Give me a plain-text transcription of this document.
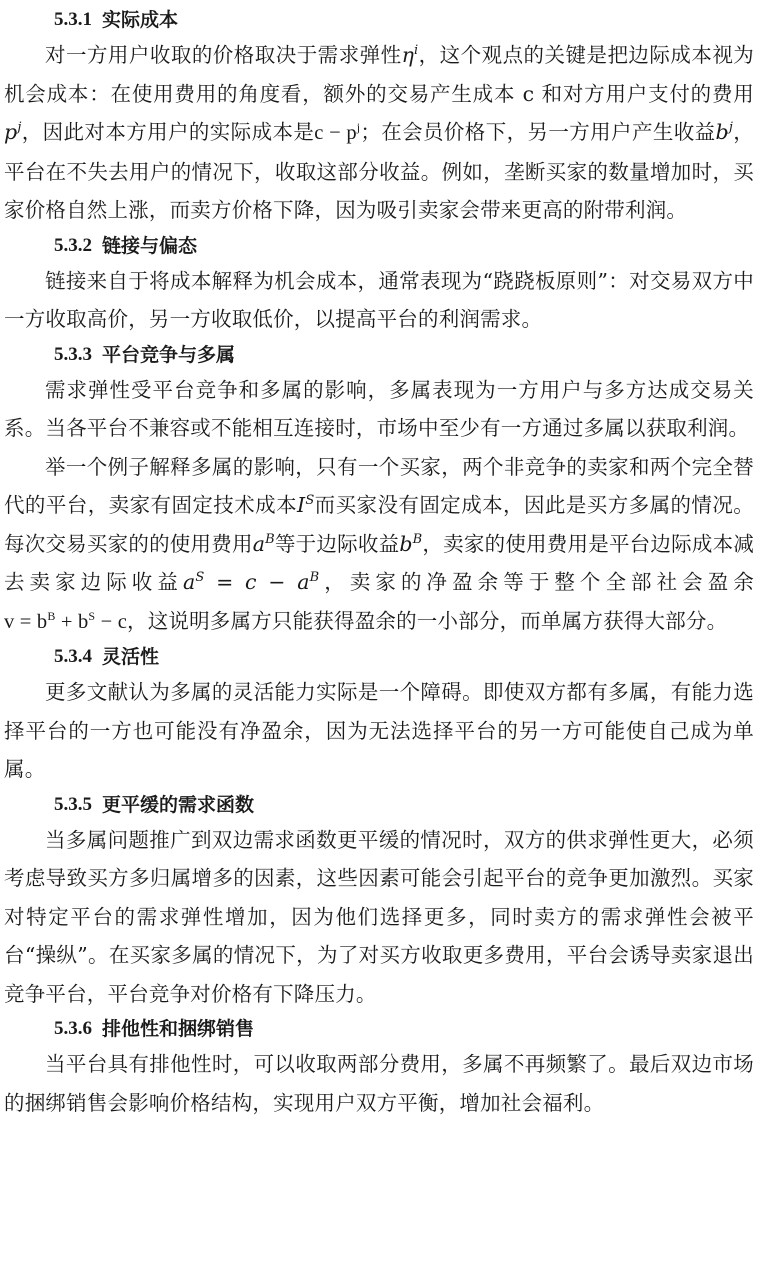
5.3.1 实际成本

对一方用户收取的价格取决于需求弹性$\eta^i$，这个观点的关键是把边际成本视为机会成本：在使用费用的角度看，额外的交易产生成本 c 和对方用户支付的费用$p^j$，因此对本方用户的实际成本是$c - p^j$；在会员价格下，另一方用户产生收益$b^j$，平台在不失去用户的情况下，收取这部分收益。例如，垄断买家的数量增加时，买家价格自然上涨，而卖方价格下降，因为吸引卖家会带来更高的附带利润。

5.3.2 链接与偏态

链接来自于将成本解释为机会成本，通常表现为“跷跷板原则”：对交易双方中一方收取高价，另一方收取低价，以提高平台的利润需求。

5.3.3 平台竞争与多属

需求弹性受平台竞争和多属的影响，多属表现为一方用户与多方达成交易关系。当各平台不兼容或不能相互连接时，市场中至少有一方通过多属以获取利润。

举一个例子解释多属的影响，只有一个买家，两个非竞争的卖家和两个完全替代的平台，卖家有固定技术成本$I^S$而买家没有固定成本，因此是买方多属的情况。每次交易买家的的使用费用$a^B$等于边际收益$b^B$，卖家的使用费用是平台边际成本减去卖家边际收益$a^S = c - a^B$，卖家的净盈余等于整个全部社会盈余$v = b^B + b^S - c$，这说明多属方只能获得盈余的一小部分，而单属方获得大部分。

5.3.4 灵活性

更多文献认为多属的灵活能力实际是一个障碍。即使双方都有多属，有能力选择平台的一方也可能没有净盈余，因为无法选择平台的另一方可能使自己成为单属。

5.3.5 更平缓的需求函数

当多属问题推广到双边需求函数更平缓的情况时，双方的供求弹性更大，必须考虑导致买方多归属增多的因素，这些因素可能会引起平台的竞争更加激烈。买家对特定平台的需求弹性增加，因为他们选择更多，同时卖方的需求弹性会被平台“操纵”。在买家多属的情况下，为了对买方收取更多费用，平台会诱导卖家退出竞争平台，平台竞争对价格有下降压力。

5.3.6 排他性和捆绑销售

当平台具有排他性时，可以收取两部分费用，多属不再频繁了。最后双边市场的捆绑销售会影响价格结构，实现用户双方平衡，增加社会福利。
